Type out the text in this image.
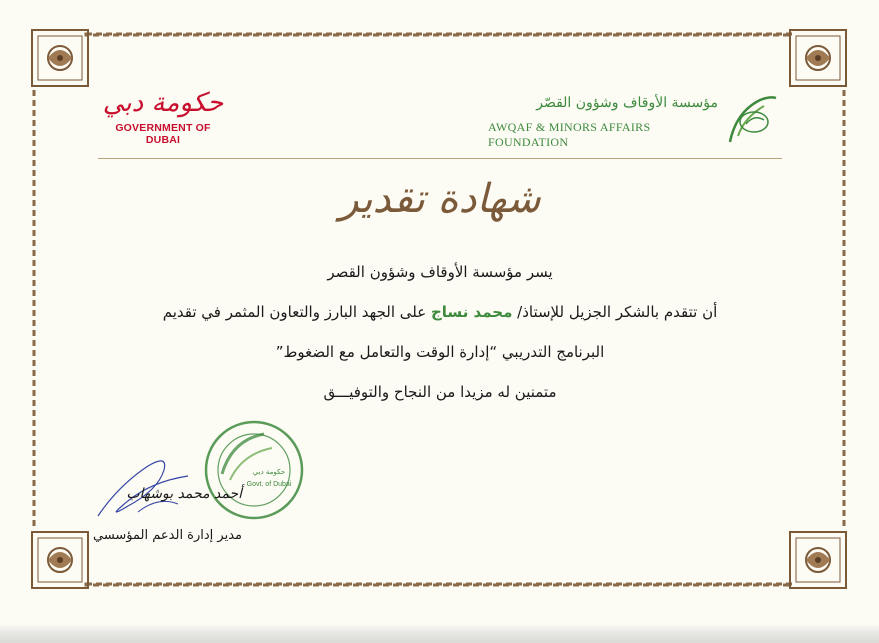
حكومة دبي
GOVERNMENT OF DUBAI
مؤسسة الأوقاف وشؤون القصّر
AWQAF & MINORS AFFAIRS FOUNDATION
شهادة تقدير
يسر مؤسسة الأوقاف وشؤون القصر
أن تتقدم بالشكر الجزيل للإستاذ/ محمد نساج على الجهد البارز والتعاون المثمر في تقديم
البرنامج التدريبي “إدارة الوقت والتعامل مع الضغوط”
متمنين له مزيدا من النجاح والتوفيـــق
حكومة دبي
Govt. of Dubai
أحمد محمد بوشهاب
مدير إدارة الدعم المؤسسي
